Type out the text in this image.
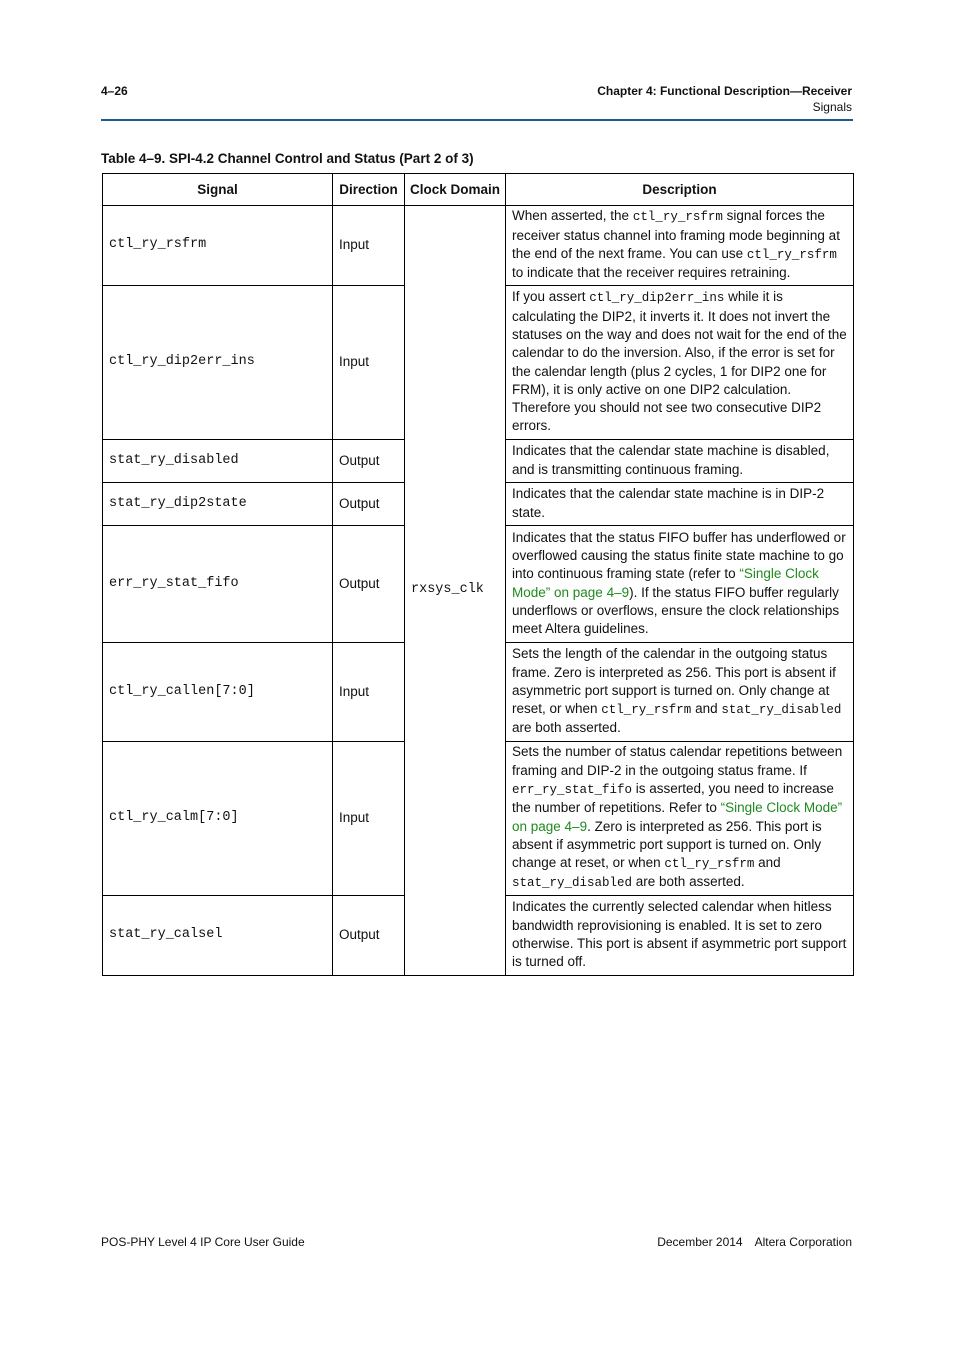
4–26	Chapter 4: Functional Description—Receiver
Signals
Table 4–9. SPI-4.2 Channel Control and Status (Part 2 of 3)
Signal	Direction	Clock Domain	Description
ctl_ry_rsfrm	Input	rxsys_clk	When asserted, the ctl_ry_rsfrm signal forces the receiver status channel into framing mode beginning at the end of the next frame. You can use ctl_ry_rsfrm to indicate that the receiver requires retraining.
ctl_ry_dip2err_ins	Input		If you assert ctl_ry_dip2err_ins while it is calculating the DIP2, it inverts it. It does not invert the statuses on the way and does not wait for the end of the calendar to do the inversion. Also, if the error is set for the calendar length (plus 2 cycles, 1 for DIP2 one for FRM), it is only active on one DIP2 calculation. Therefore you should not see two consecutive DIP2 errors.
stat_ry_disabled	Output		Indicates that the calendar state machine is disabled, and is transmitting continuous framing.
stat_ry_dip2state	Output		Indicates that the calendar state machine is in DIP-2 state.
err_ry_stat_fifo	Output		Indicates that the status FIFO buffer has underflowed or overflowed causing the status finite state machine to go into continuous framing state (refer to “Single Clock Mode” on page 4–9). If the status FIFO buffer regularly underflows or overflows, ensure the clock relationships meet Altera guidelines.
ctl_ry_callen[7:0]	Input		Sets the length of the calendar in the outgoing status frame. Zero is interpreted as 256. This port is absent if asymmetric port support is turned on. Only change at reset, or when ctl_ry_rsfrm and stat_ry_disabled are both asserted.
ctl_ry_calm[7:0]	Input		Sets the number of status calendar repetitions between framing and DIP-2 in the outgoing status frame. If err_ry_stat_fifo is asserted, you need to increase the number of repetitions. Refer to “Single Clock Mode” on page 4–9. Zero is interpreted as 256. This port is absent if asymmetric port support is turned on. Only change at reset, or when ctl_ry_rsfrm and stat_ry_disabled are both asserted.
stat_ry_calsel	Output		Indicates the currently selected calendar when hitless bandwidth reprovisioning is enabled. It is set to zero otherwise. This port is absent if asymmetric port support is turned off.
POS-PHY Level 4 IP Core User Guide	December 2014 Altera Corporation
